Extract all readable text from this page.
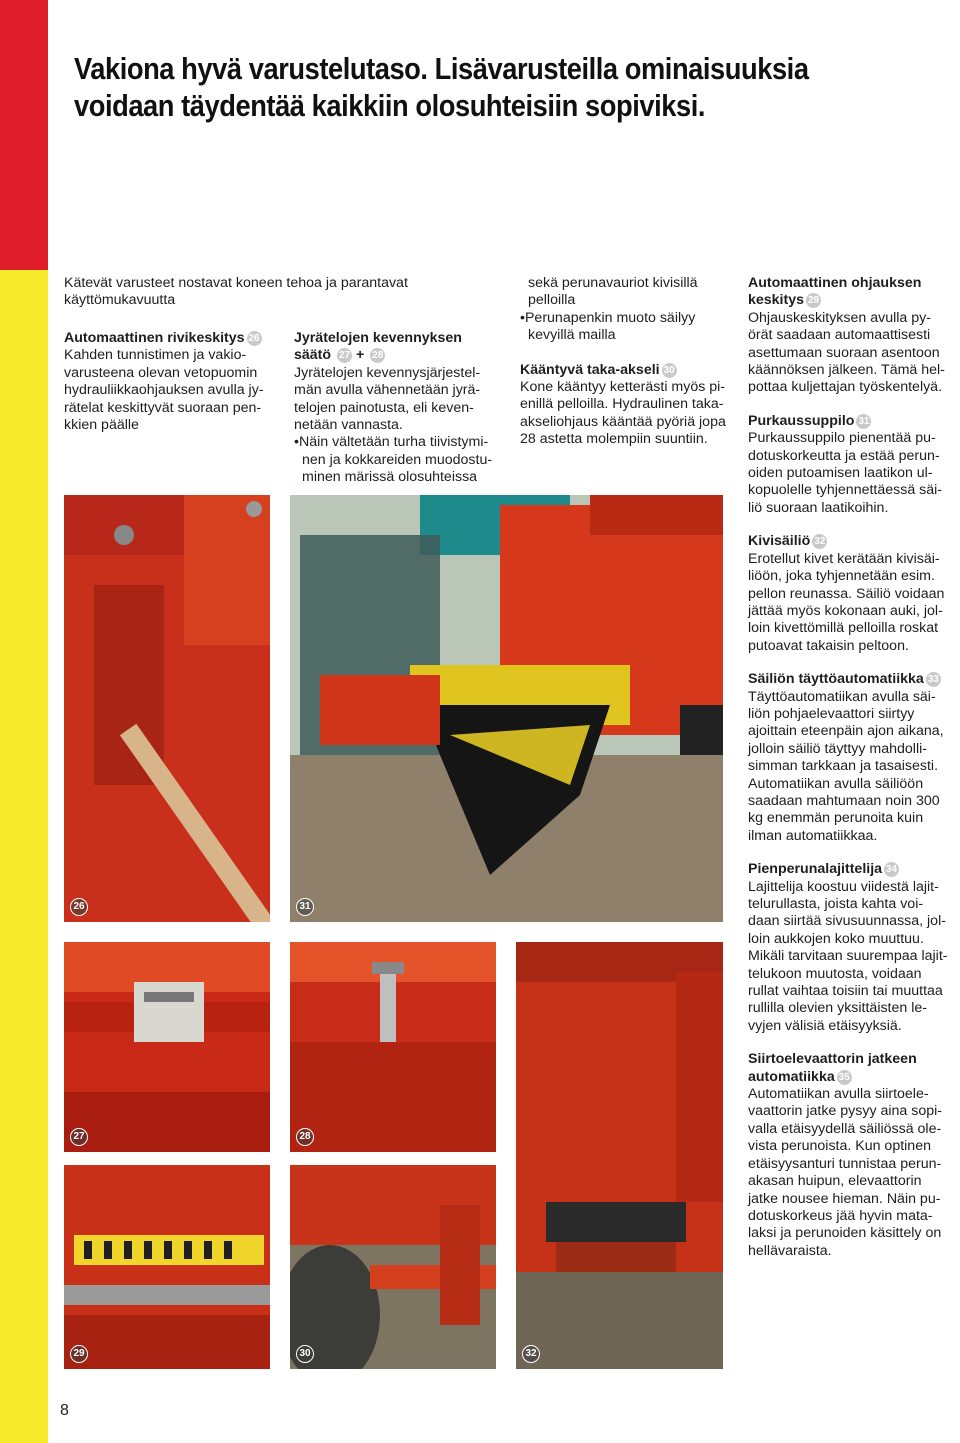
Vakiona hyvä varustelutaso. Lisävarusteilla ominaisuuksia
voidaan täydentää kaikkiin olosuhteisiin sopiviksi.
Kätevät varusteet nostavat koneen tehoa ja parantavat
käyttömukavuutta
Automaattinen rivikeskitys 26
Kahden tunnistimen ja vakio-
varusteena olevan vetopuomin
hydrauliikkaohjauksen avulla jy-
rätelat keskittyvät suoraan pen-
kkien päälle
Jyrätelojen kevennyksen
säätö 27 + 28
Jyrätelojen kevennysjärjestel-
män avulla vähennetään jyrä-
telojen painotusta, eli keven-
netään vannasta.
•Näin vältetään turha tiivistymi-
nen ja kokkareiden muodostu-
minen märissä olosuhteissa
sekä perunavauriot kivisillä
pelloilla
•Perunapenkin muoto säilyy
kevyillä mailla
Kääntyvä taka-akseli 30
Kone kääntyy ketterästi myös pi-
enillä pelloilla. Hydraulinen taka-
akseliohjaus kääntää pyöriä jopa
28 astetta molempiin suuntiin.
Automaattinen ohjauksen
keskitys 29
Ohjauskeskityksen avulla py-
örät saadaan automaattisesti
asettumaan suoraan asentoon
käännöksen jälkeen. Tämä hel-
pottaa kuljettajan työskentelyä.
Purkaussuppilo 31
Purkaussuppilo pienentää pu-
dotuskorkeutta ja estää perun-
oiden putoamisen laatikon ul-
kopuolelle tyhjennettäessä säi-
liö suoraan laatikoihin.
Kivisäiliö 32
Erotellut kivet kerätään kivisäi-
liöön, joka tyhjennetään esim.
pellon reunassa. Säiliö voidaan
jättää myös kokonaan auki, jol-
loin kivettömillä pelloilla roskat
putoavat takaisin peltoon.
Säiliön täyttöautomatiikka 33
Täyttöautomatiikan avulla säi-
liön pohjaelevaattori siirtyy
ajoittain eteenpäin ajon aikana,
jolloin säiliö täyttyy mahdolli-
simman tarkkaan ja tasaisesti.
Automatiikan avulla säiliöön
saadaan mahtumaan noin 300
kg enemmän perunoita kuin
ilman automatiikkaa.
Pienperunalajittelija 34
Lajittelija koostuu viidestä lajit-
telurullasta, joista kahta voi-
daan siirtää sivusuunnassa, jol-
loin aukkojen koko muuttuu.
Mikäli tarvitaan suurempaa lajit-
telukoon muutosta, voidaan
rullat vaihtaa toisiin tai muuttaa
rullilla olevien yksittäisten le-
vyjen välisiä etäisyyksiä.
Siirtoelevaattorin jatkeen
automatiikka 35
Automatiikan avulla siirtoele-
vaattorin jatke pysyy aina sopi-
valla etäisyydellä säiliössä ole-
vista perunoista. Kun optinen
etäisyysanturi tunnistaa perun-
akasan huipun, elevaattorin
jatke nousee hieman. Näin pu-
dotuskorkeus jää hyvin mata-
laksi ja perunoiden käsittely on
hellävaraista.
26	31
27	28
32
29	30
8
